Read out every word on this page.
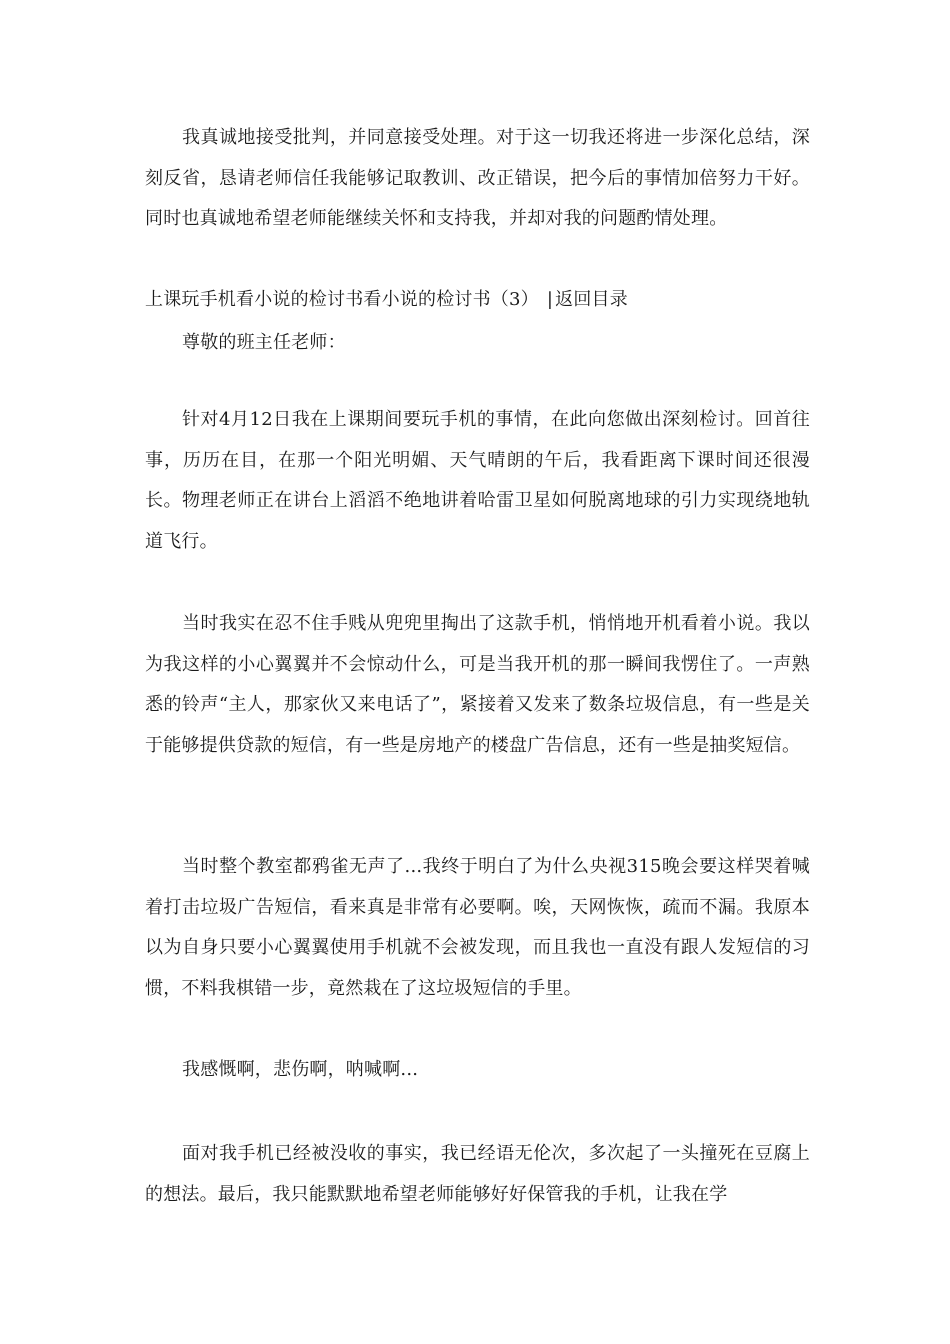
我真诚地接受批判，并同意接受处理。对于这一切我还将进一步深化总结，深刻反省，恳请老师信任我能够记取教训、改正错误，把今后的事情加倍努力干好。同时也真诚地希望老师能继续关怀和支持我，并却对我的问题酌情处理。

上课玩手机看小说的检讨书看小说的检讨书（3） | 返回目录
尊敬的班主任老师：

针对4月12日我在上课期间要玩手机的事情，在此向您做出深刻检讨。回首往事，历历在目，在那一个阳光明媚、天气晴朗的午后，我看距离下课时间还很漫长。物理老师正在讲台上滔滔不绝地讲着哈雷卫星如何脱离地球的引力实现绕地轨道飞行。

当时我实在忍不住手贱从兜兜里掏出了这款手机，悄悄地开机看着小说。我以为我这样的小心翼翼并不会惊动什么，可是当我开机的那一瞬间我愣住了。一声熟悉的铃声“主人，那家伙又来电话了”，紧接着又发来了数条垃圾信息，有一些是关于能够提供贷款的短信，有一些是房地产的楼盘广告信息，还有一些是抽奖短信。

当时整个教室都鸦雀无声了...我终于明白了为什么央视315晚会要这样哭着喊着打击垃圾广告短信，看来真是非常有必要啊。唉，天网恢恢，疏而不漏。我原本以为自身只要小心翼翼使用手机就不会被发现，而且我也一直没有跟人发短信的习惯，不料我棋错一步，竟然栽在了这垃圾短信的手里。

我感慨啊，悲伤啊，呐喊啊...

面对我手机已经被没收的事实，我已经语无伦次，多次起了一头撞死在豆腐上的想法。最后，我只能默默地希望老师能够好好保管我的手机，让我在学
